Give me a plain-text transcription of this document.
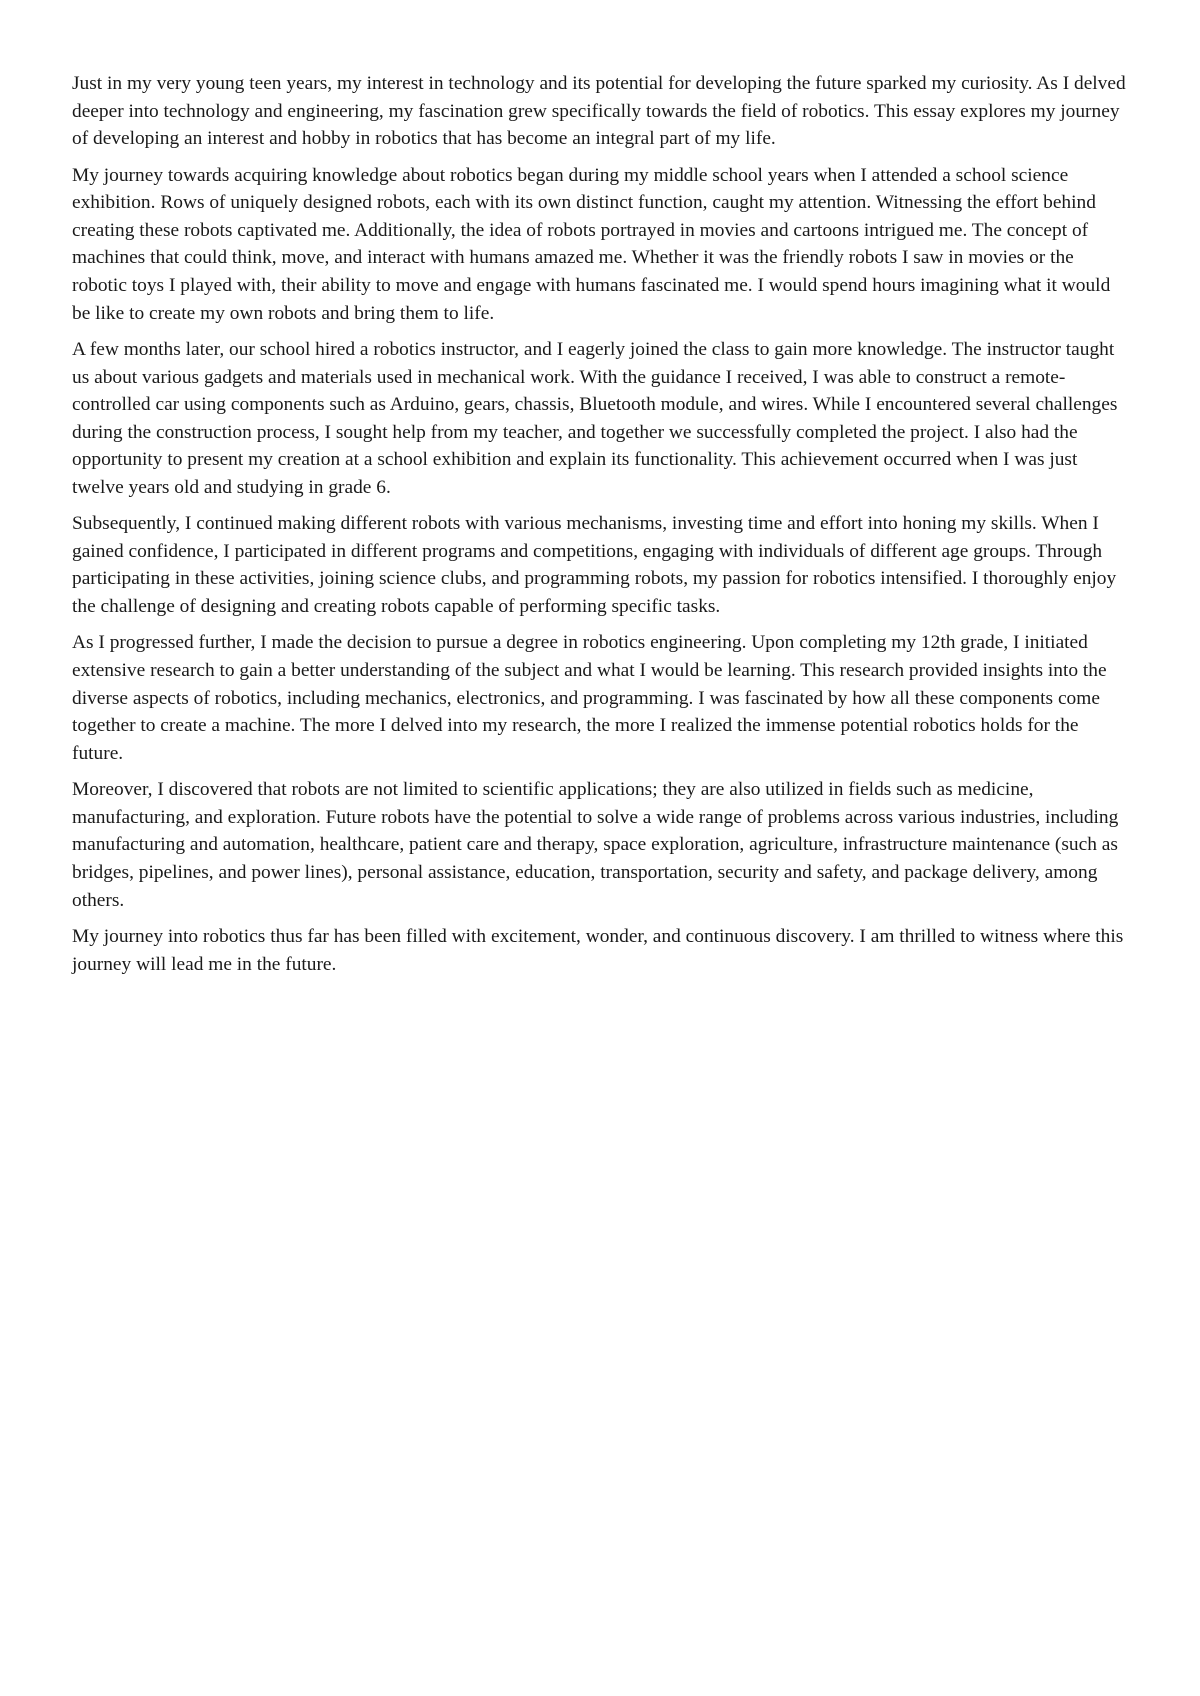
Just in my very young teen years, my interest in technology and its potential for developing the future sparked my curiosity. As I delved deeper into technology and engineering, my fascination grew specifically towards the field of robotics. This essay explores my journey of developing an interest and hobby in robotics that has become an integral part of my life.

My journey towards acquiring knowledge about robotics began during my middle school years when I attended a school science exhibition. Rows of uniquely designed robots, each with its own distinct function, caught my attention. Witnessing the effort behind creating these robots captivated me. Additionally, the idea of robots portrayed in movies and cartoons intrigued me. The concept of machines that could think, move, and interact with humans amazed me. Whether it was the friendly robots I saw in movies or the robotic toys I played with, their ability to move and engage with humans fascinated me. I would spend hours imagining what it would be like to create my own robots and bring them to life.

A few months later, our school hired a robotics instructor, and I eagerly joined the class to gain more knowledge. The instructor taught us about various gadgets and materials used in mechanical work. With the guidance I received, I was able to construct a remote-controlled car using components such as Arduino, gears, chassis, Bluetooth module, and wires. While I encountered several challenges during the construction process, I sought help from my teacher, and together we successfully completed the project. I also had the opportunity to present my creation at a school exhibition and explain its functionality. This achievement occurred when I was just twelve years old and studying in grade 6.

Subsequently, I continued making different robots with various mechanisms, investing time and effort into honing my skills. When I gained confidence, I participated in different programs and competitions, engaging with individuals of different age groups. Through participating in these activities, joining science clubs, and programming robots, my passion for robotics intensified. I thoroughly enjoy the challenge of designing and creating robots capable of performing specific tasks.

As I progressed further, I made the decision to pursue a degree in robotics engineering. Upon completing my 12th grade, I initiated extensive research to gain a better understanding of the subject and what I would be learning. This research provided insights into the diverse aspects of robotics, including mechanics, electronics, and programming. I was fascinated by how all these components come together to create a machine. The more I delved into my research, the more I realized the immense potential robotics holds for the future.

Moreover, I discovered that robots are not limited to scientific applications; they are also utilized in fields such as medicine, manufacturing, and exploration. Future robots have the potential to solve a wide range of problems across various industries, including manufacturing and automation, healthcare, patient care and therapy, space exploration, agriculture, infrastructure maintenance (such as bridges, pipelines, and power lines), personal assistance, education, transportation, security and safety, and package delivery, among others.

My journey into robotics thus far has been filled with excitement, wonder, and continuous discovery. I am thrilled to witness where this journey will lead me in the future.
